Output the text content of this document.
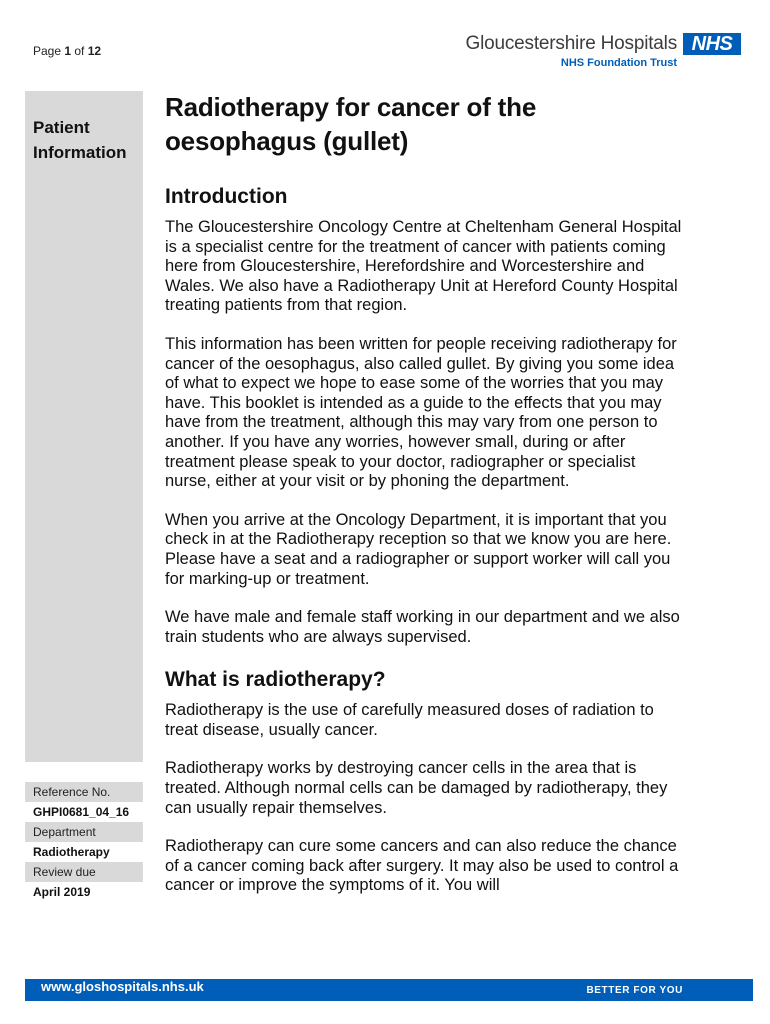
Page 1 of 12	Gloucestershire Hospitals NHS
NHS Foundation Trust
Patient
Information
Reference No.
GHPI0681_04_16
Department
Radiotherapy
Review due
April 2019
Radiotherapy for cancer of the oesophagus (gullet)
Introduction

The Gloucestershire Oncology Centre at Cheltenham General Hospital is a specialist centre for the treatment of cancer with patients coming here from Gloucestershire, Herefordshire and Worcestershire and Wales. We also have a Radiotherapy Unit at Hereford County Hospital treating patients from that region.

This information has been written for people receiving radiotherapy for cancer of the oesophagus, also called gullet. By giving you some idea of what to expect we hope to ease some of the worries that you may have. This booklet is intended as a guide to the effects that you may have from the treatment, although this may vary from one person to another. If you have any worries, however small, during or after treatment please speak to your doctor, radiographer or specialist nurse, either at your visit or by phoning the department.

When you arrive at the Oncology Department, it is important that you check in at the Radiotherapy reception so that we know you are here. Please have a seat and a radiographer or support worker will call you for marking-up or treatment.

We have male and female staff working in our department and we also train students who are always supervised.

What is radiotherapy?

Radiotherapy is the use of carefully measured doses of radiation to treat disease, usually cancer.

Radiotherapy works by destroying cancer cells in the area that is treated. Although normal cells can be damaged by radiotherapy, they can usually repair themselves.

Radiotherapy can cure some cancers and can also reduce the chance of a cancer coming back after surgery. It may also be used to control a cancer or improve the symptoms of it. You will

www.gloshospitals.nhs.uk	BETTER FOR YOU
